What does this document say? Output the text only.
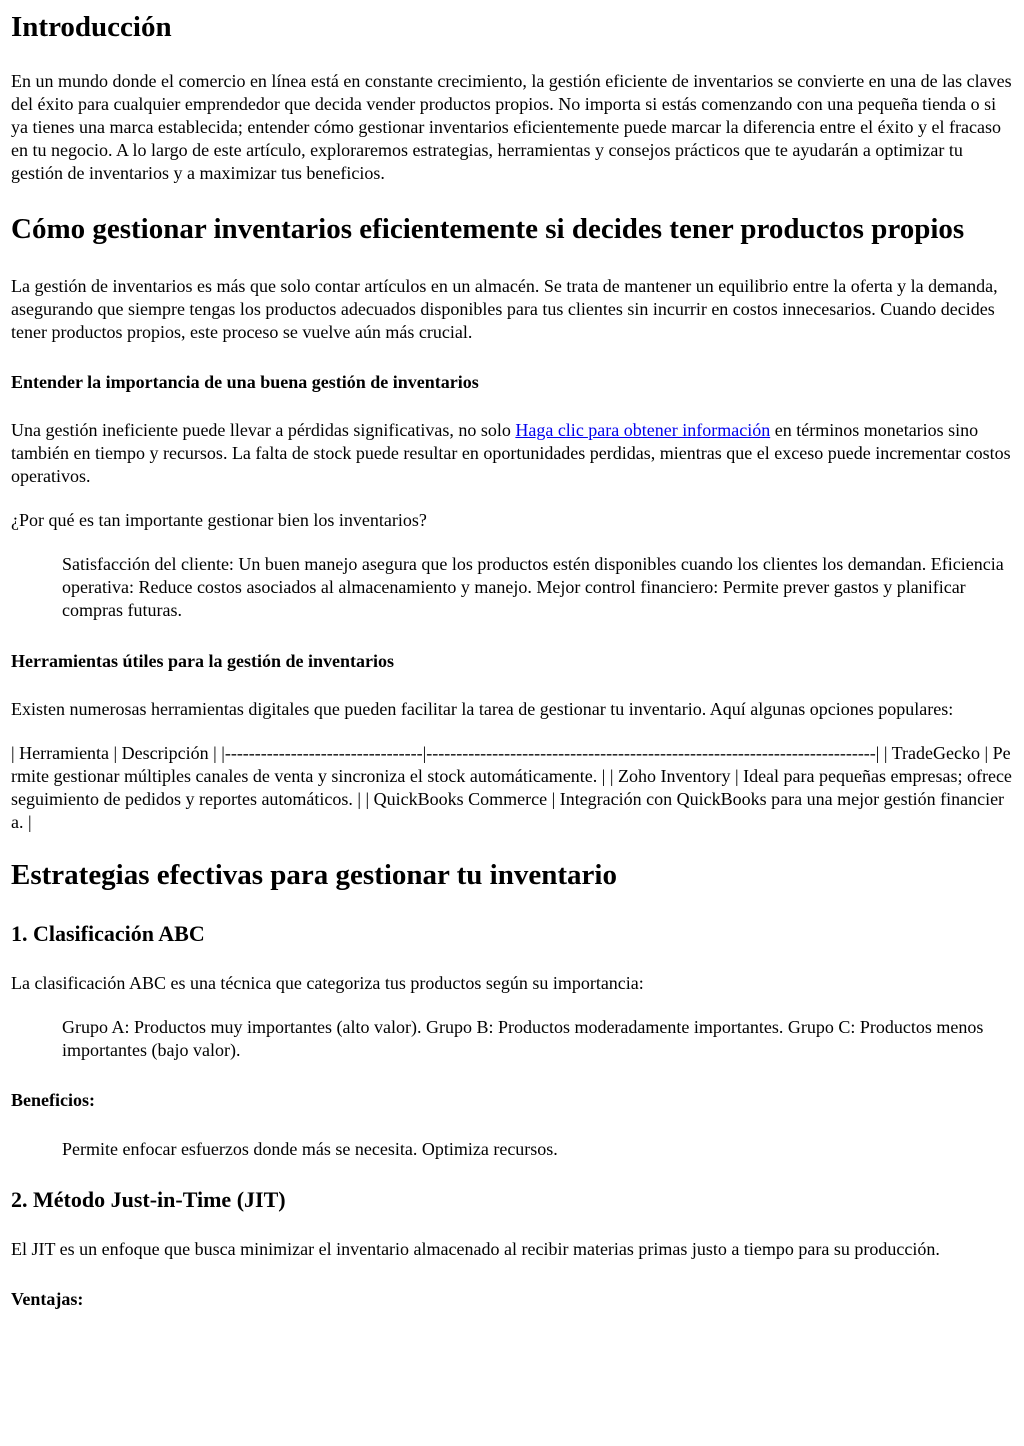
Introducción

En un mundo donde el comercio en línea está en constante crecimiento, la gestión eficiente de inventarios se convierte en una de las claves del éxito para cualquier emprendedor que decida vender productos propios. No importa si estás comenzando con una pequeña tienda o si ya tienes una marca establecida; entender cómo gestionar inventarios eficientemente puede marcar la diferencia entre el éxito y el fracaso en tu negocio. A lo largo de este artículo, exploraremos estrategias, herramientas y consejos prácticos que te ayudarán a optimizar tu gestión de inventarios y a maximizar tus beneficios.

Cómo gestionar inventarios eficientemente si decides tener productos propios

La gestión de inventarios es más que solo contar artículos en un almacén. Se trata de mantener un equilibrio entre la oferta y la demanda, asegurando que siempre tengas los productos adecuados disponibles para tus clientes sin incurrir en costos innecesarios. Cuando decides tener productos propios, este proceso se vuelve aún más crucial.

Entender la importancia de una buena gestión de inventarios

Una gestión ineficiente puede llevar a pérdidas significativas, no solo Haga clic para obtener información en términos monetarios sino también en tiempo y recursos. La falta de stock puede resultar en oportunidades perdidas, mientras que el exceso puede incrementar costos operativos.

¿Por qué es tan importante gestionar bien los inventarios?

Satisfacción del cliente: Un buen manejo asegura que los productos estén disponibles cuando los clientes los demandan. Eficiencia operativa: Reduce costos asociados al almacenamiento y manejo. Mejor control financiero: Permite prever gastos y planificar compras futuras.

Herramientas útiles para la gestión de inventarios

Existen numerosas herramientas digitales que pueden facilitar la tarea de gestionar tu inventario. Aquí algunas opciones populares:

| Herramienta | Descripción | |---------------------------------|---------------------------------------------------------------------------| | TradeGecko | Permite gestionar múltiples canales de venta y sincroniza el stock automáticamente. | | Zoho Inventory | Ideal para pequeñas empresas; ofrece seguimiento de pedidos y reportes automáticos. | | QuickBooks Commerce | Integración con QuickBooks para una mejor gestión financiera. |

Estrategias efectivas para gestionar tu inventario
1. Clasificación ABC

La clasificación ABC es una técnica que categoriza tus productos según su importancia:

Grupo A: Productos muy importantes (alto valor). Grupo B: Productos moderadamente importantes. Grupo C: Productos menos importantes (bajo valor).

Beneficios:

Permite enfocar esfuerzos donde más se necesita. Optimiza recursos.

2. Método Just-in-Time (JIT)

El JIT es un enfoque que busca minimizar el inventario almacenado al recibir materias primas justo a tiempo para su producción.

Ventajas:
